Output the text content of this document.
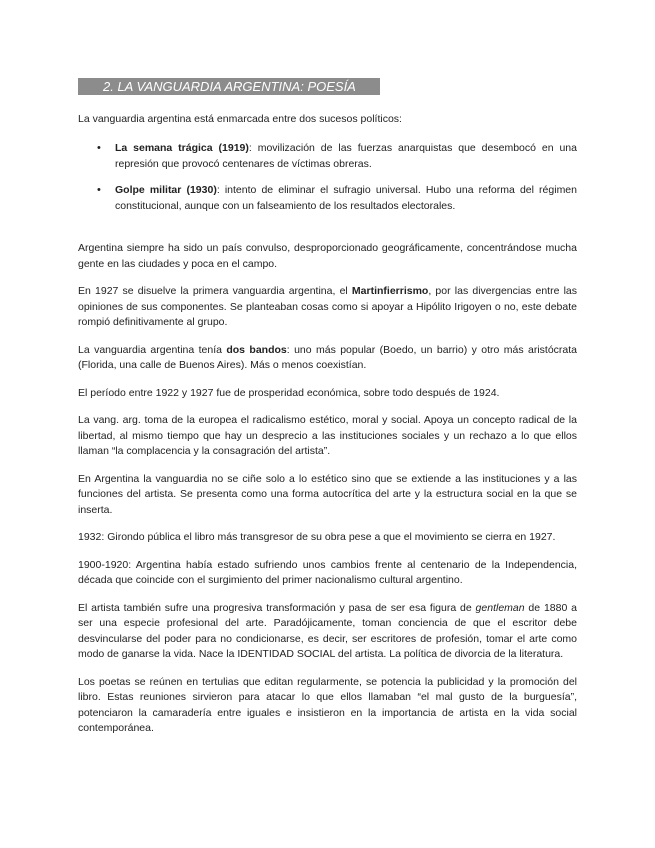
2. LA VANGUARDIA ARGENTINA: POESÍA

La vanguardia argentina está enmarcada entre dos sucesos políticos:

• La semana trágica (1919): movilización de las fuerzas anarquistas que desembocó en una represión que provocó centenares de víctimas obreras.
• Golpe militar (1930): intento de eliminar el sufragio universal. Hubo una reforma del régimen constitucional, aunque con un falseamiento de los resultados electorales.

Argentina siempre ha sido un país convulso, desproporcionado geográficamente, concentrándose mucha gente en las ciudades y poca en el campo.

En 1927 se disuelve la primera vanguardia argentina, el Martinfierrismo, por las divergencias entre las opiniones de sus componentes. Se planteaban cosas como si apoyar a Hipólito Irigoyen o no, este debate rompió definitivamente al grupo.

La vanguardia argentina tenía dos bandos: uno más popular (Boedo, un barrio) y otro más aristócrata (Florida, una calle de Buenos Aires). Más o menos coexistían.

El período entre 1922 y 1927 fue de prosperidad económica, sobre todo después de 1924.

La vang. arg. toma de la europea el radicalismo estético, moral y social. Apoya un concepto radical de la libertad, al mismo tiempo que hay un desprecio a las instituciones sociales y un rechazo a lo que ellos llaman “la complacencia y la consagración del artista”.

En Argentina la vanguardia no se ciñe solo a lo estético sino que se extiende a las instituciones y a las funciones del artista. Se presenta como una forma autocrítica del arte y la estructura social en la que se inserta.

1932: Girondo pública el libro más transgresor de su obra pese a que el movimiento se cierra en 1927.

1900-1920: Argentina había estado sufriendo unos cambios frente al centenario de la Independencia, década que coincide con el surgimiento del primer nacionalismo cultural argentino.

El artista también sufre una progresiva transformación y pasa de ser esa figura de gentleman de 1880 a ser una especie profesional del arte. Paradójicamente, toman conciencia de que el escritor debe desvincularse del poder para no condicionarse, es decir, ser escritores de profesión, tomar el arte como modo de ganarse la vida. Nace la IDENTIDAD SOCIAL del artista. La política de divorcia de la literatura.

Los poetas se reúnen en tertulias que editan regularmente, se potencia la publicidad y la promoción del libro. Estas reuniones sirvieron para atacar lo que ellos llamaban “el mal gusto de la burguesía”, potenciaron la camaradería entre iguales e insistieron en la importancia de artista en la vida social contemporánea.
